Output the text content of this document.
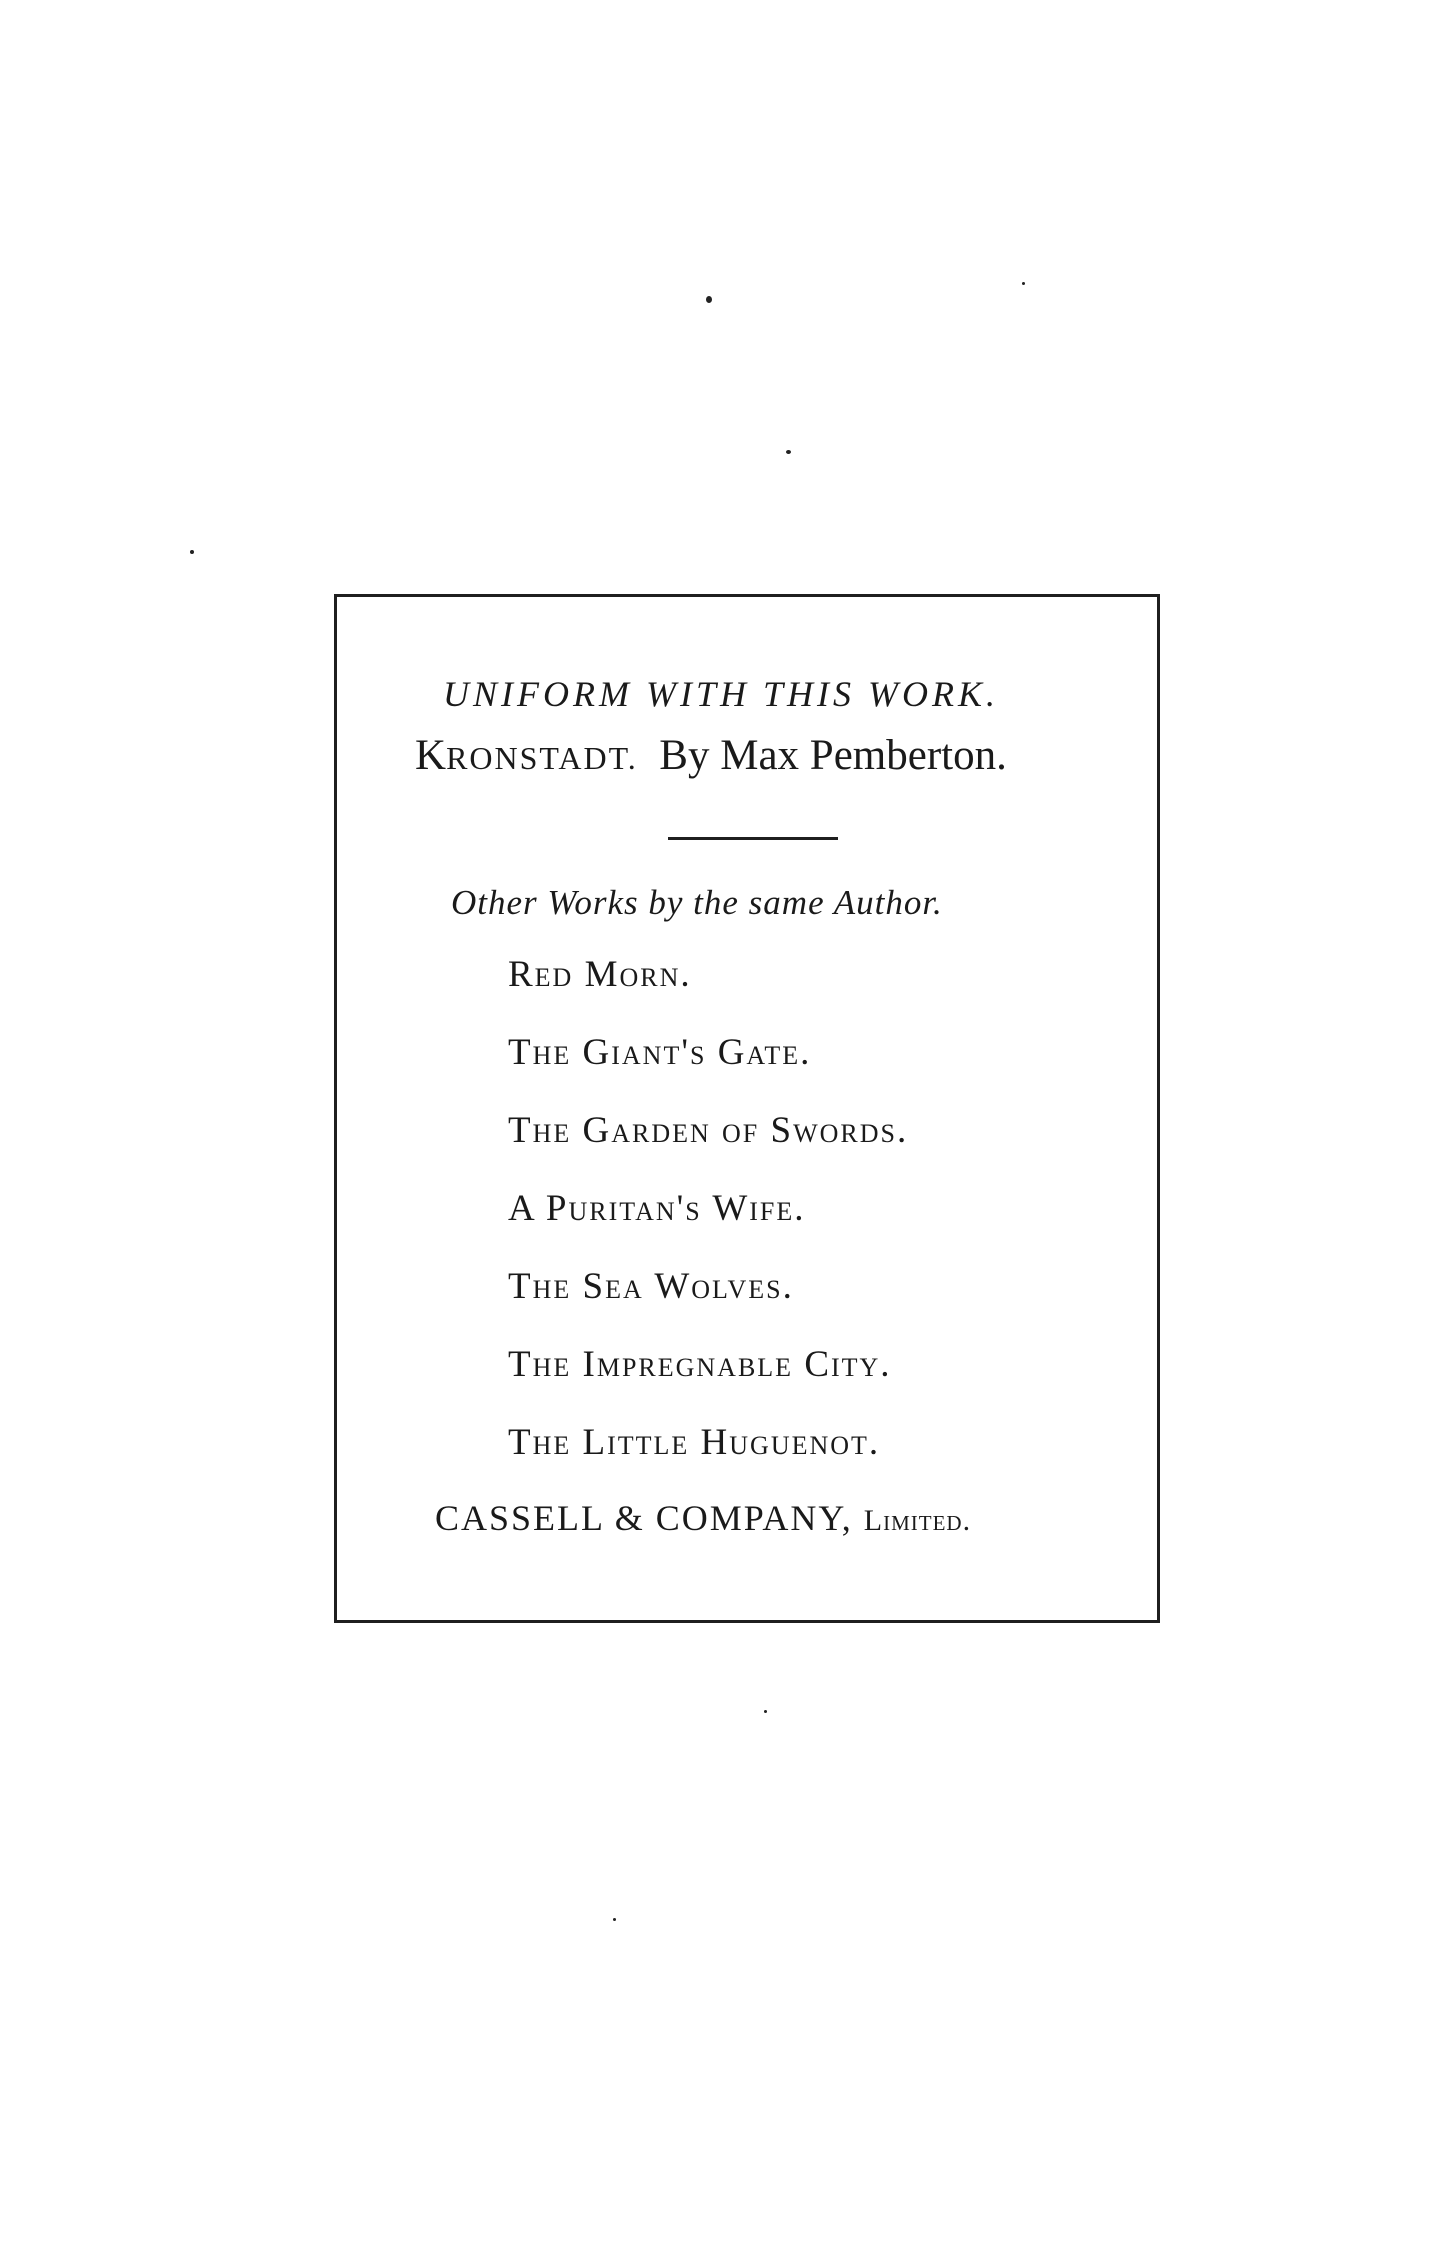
UNIFORM WITH THIS WORK.
KRONSTADT. By Max Pemberton.
Other Works by the same Author.
Red Morn.
The Giant's Gate.
The Garden of Swords.
A Puritan's Wife.
The Sea Wolves.
The Impregnable City.
The Little Huguenot.
CASSELL & COMPANY, Limited.
